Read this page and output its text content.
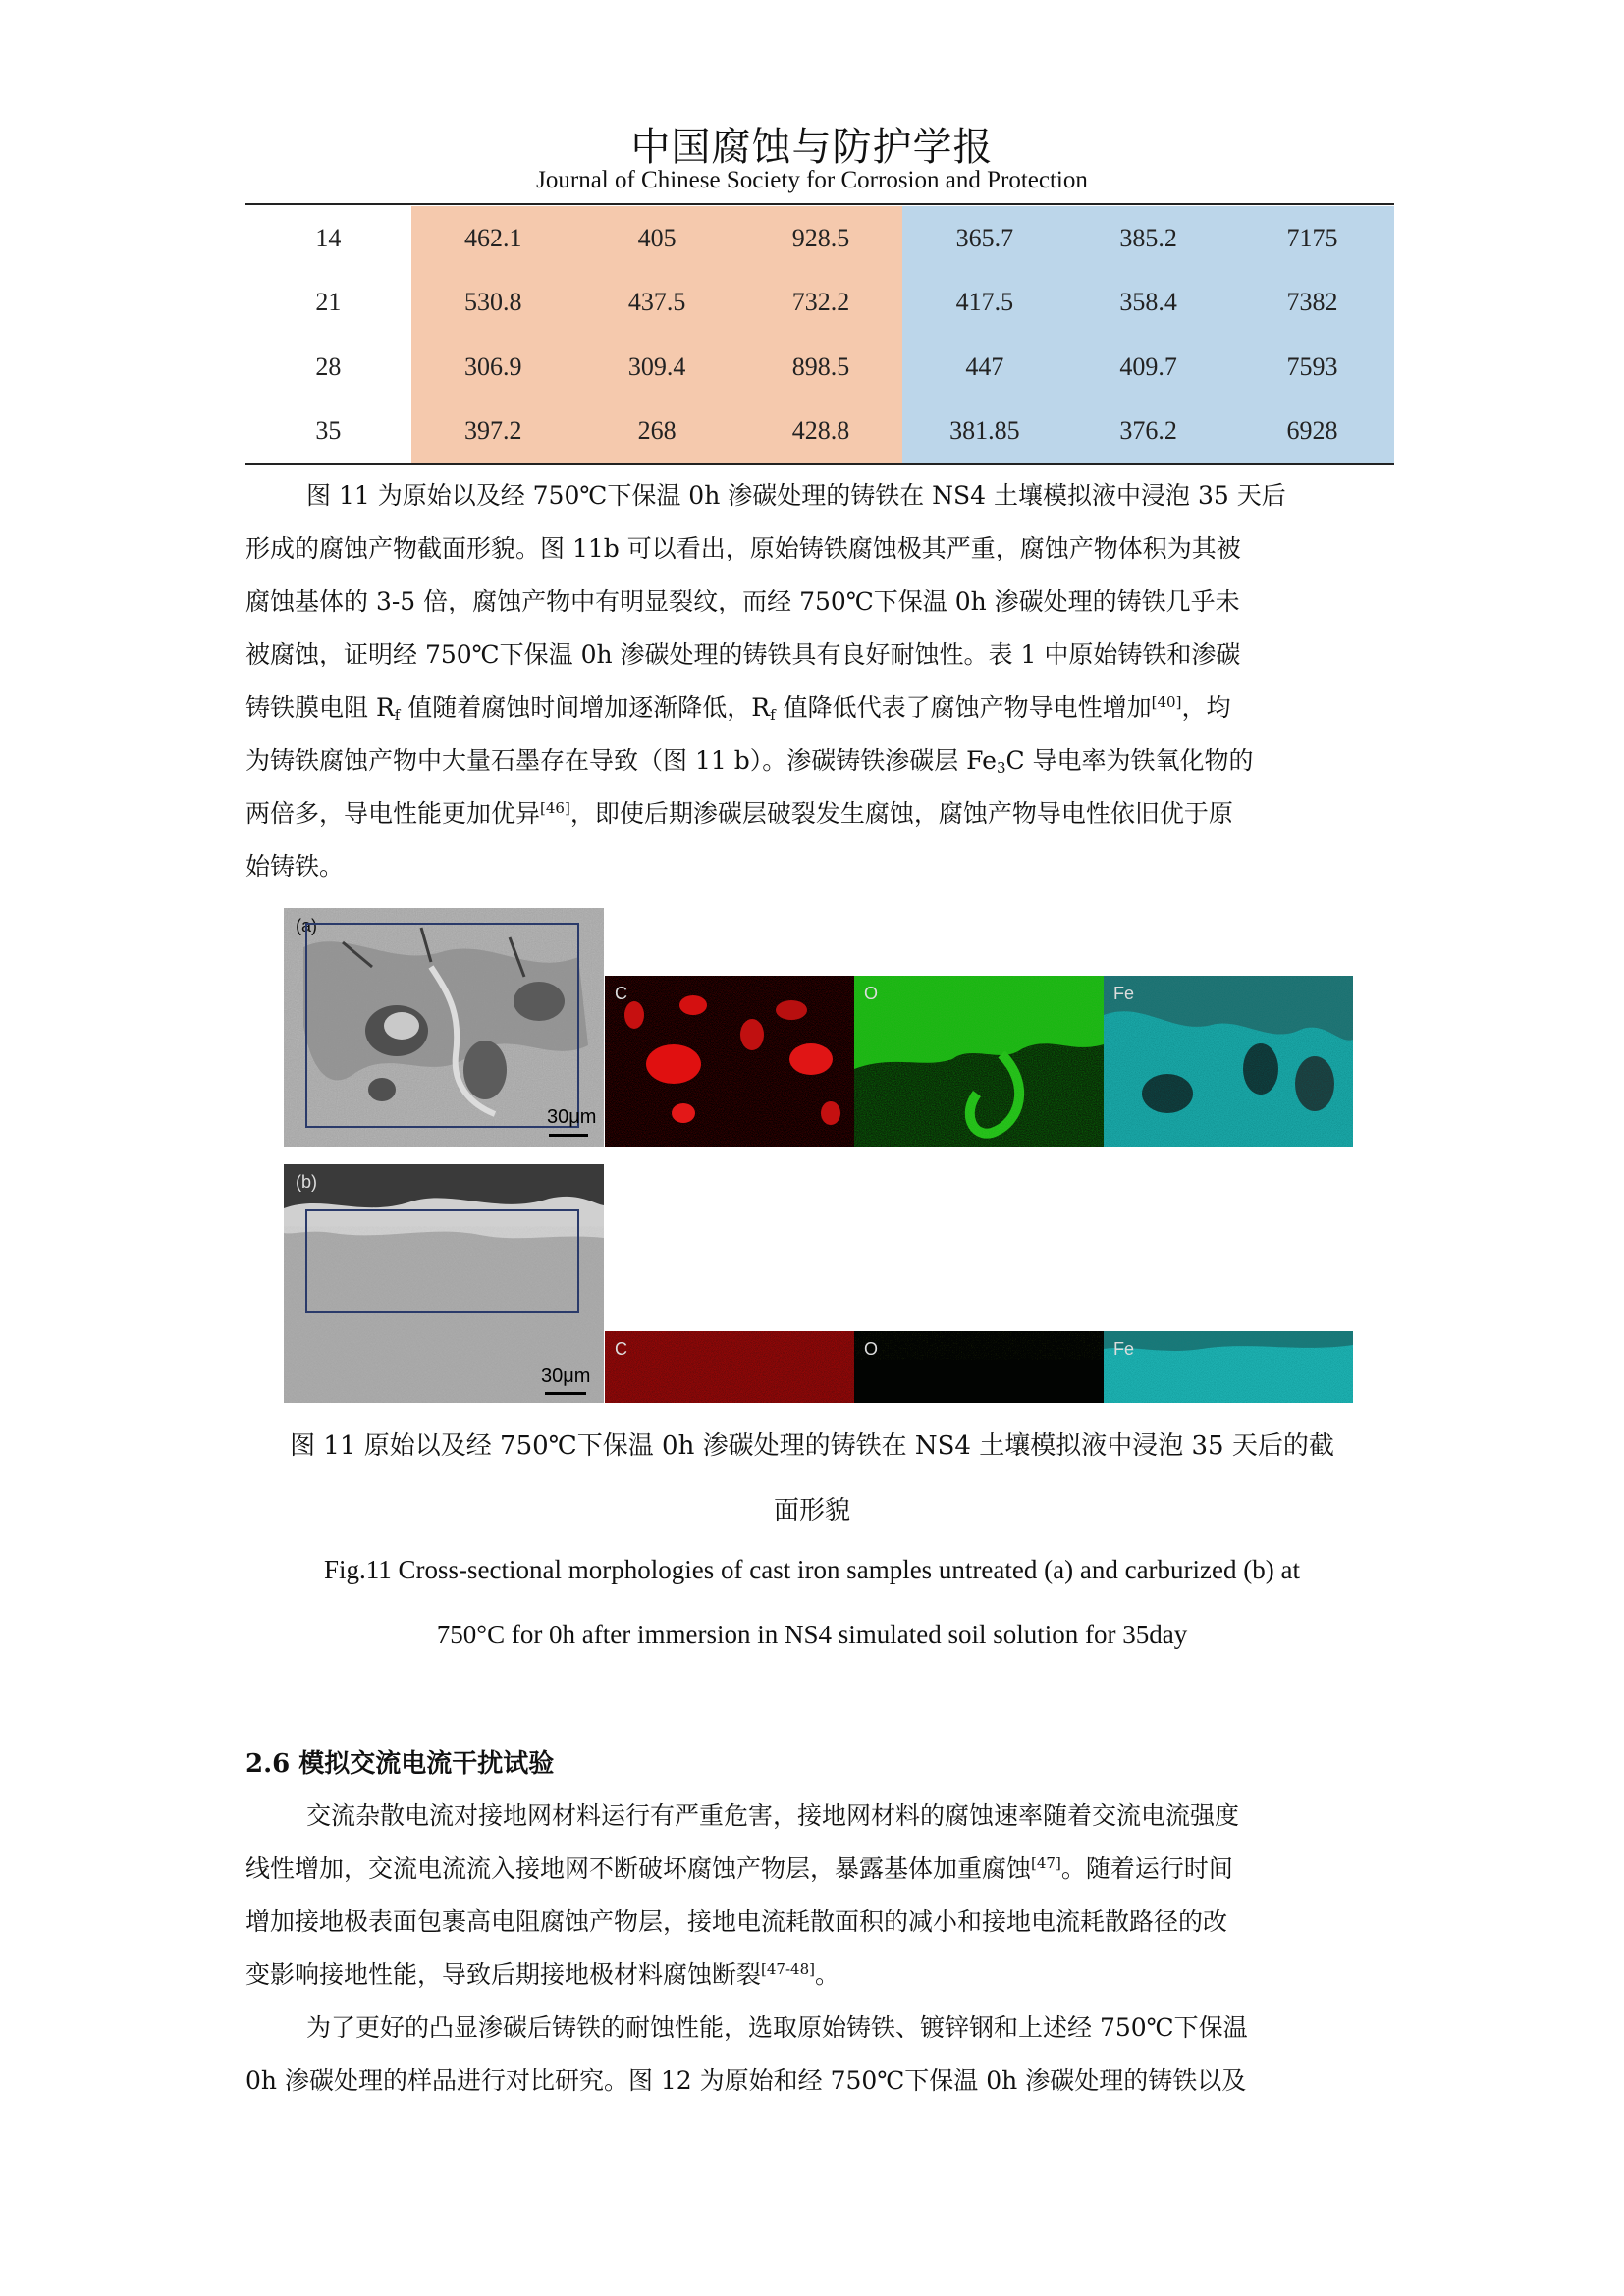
中国腐蚀与防护学报
Journal of Chinese Society for Corrosion and Protection
14	462.1	405	928.5	365.7	385.2	7175
21	530.8	437.5	732.2	417.5	358.4	7382
28	306.9	309.4	898.5	447	409.7	7593
35	397.2	268	428.8	381.85	376.2	6928
图 11 为原始以及经 750℃下保温 0h 渗碳处理的铸铁在 NS4 土壤模拟液中浸泡 35 天后
形成的腐蚀产物截面形貌。图 11b 可以看出，原始铸铁腐蚀极其严重，腐蚀产物体积为其被
腐蚀基体的 3-5 倍，腐蚀产物中有明显裂纹，而经 750℃下保温 0h 渗碳处理的铸铁几乎未
被腐蚀，证明经 750℃下保温 0h 渗碳处理的铸铁具有良好耐蚀性。表 1 中原始铸铁和渗碳
铸铁膜电阻 $R_f$ 值随着腐蚀时间增加逐渐降低，$R_f$ 值降低代表了腐蚀产物导电性增加[40]，均
为铸铁腐蚀产物中大量石墨存在导致（图 11 b）。渗碳铸铁渗碳层 $Fe_3C$ 导电率为铁氧化物的
两倍多，导电性能更加优异[46]，即使后期渗碳层破裂发生腐蚀，腐蚀产物导电性依旧优于原
始铸铁。
(a)
30μm
C	O	Fe
(b)
30μm
C	O	Fe
图 11 原始以及经 750℃下保温 0h 渗碳处理的铸铁在 NS4 土壤模拟液中浸泡 35 天后的截
面形貌
Fig.11 Cross-sectional morphologies of cast iron samples untreated (a) and carburized (b) at
750°C for 0h after immersion in NS4 simulated soil solution for 35day
2.6 模拟交流电流干扰试验
交流杂散电流对接地网材料运行有严重危害，接地网材料的腐蚀速率随着交流电流强度
线性增加，交流电流流入接地网不断破坏腐蚀产物层，暴露基体加重腐蚀[47]。随着运行时间
增加接地极表面包裹高电阻腐蚀产物层，接地电流耗散面积的减小和接地电流耗散路径的改
变影响接地性能，导致后期接地极材料腐蚀断裂[47-48]。
为了更好的凸显渗碳后铸铁的耐蚀性能，选取原始铸铁、镀锌钢和上述经 750℃下保温
0h 渗碳处理的样品进行对比研究。图 12 为原始和经 750℃下保温 0h 渗碳处理的铸铁以及
